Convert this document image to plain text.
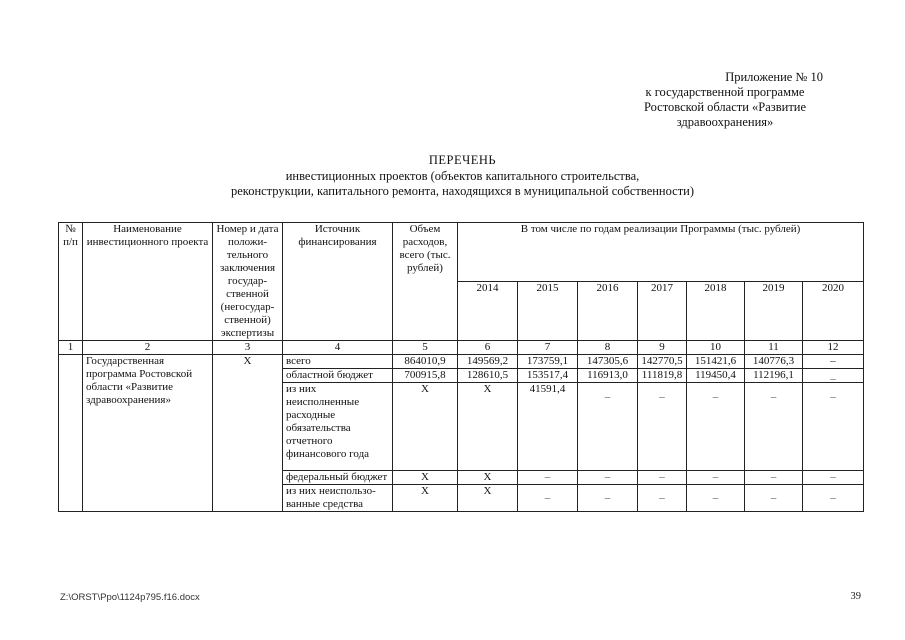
Приложение № 10
к государственной программе
Ростовской области «Развитие
здравоохранения»
ПЕРЕЧЕНЬ
инвестиционных проектов (объектов капитального строительства,
реконструкции, капитального ремонта, находящихся в муниципальной собственности)
№ п/п	Наименование инвестиционного проекта	Номер и дата положи-тельного заключения государ-ственной (негосудар-ственной) экспертизы	Источник финансирования	Объем расходов, всего (тыс. рублей)	В том числе по годам реализации Программы (тыс. рублей)						
					2014	2015	2016	2017	2018	2019	2020
1	2	3	4	5	6	7	8	9	10	11	12
	Государственная программа Ростовской области «Развитие здравоохранения»	Х	всего	864010,9	149569,2	173759,1	147305,6	142770,5	151421,6	140776,3	–
			областной бюджет	700915,8	128610,5	153517,4	116913,0	111819,8	119450,4	112196,1	_
			из них неисполненные расходные обязательства отчетного финансового года	Х	Х	41591,4	_	_	_	_	_
			федеральный бюджет	Х	Х	–	–	–	–	–	–
			из них неиспользо-ванные средства	Х	Х	–	–	–	–	–	–
Z:\ORST\Ppo\1124p795.f16.docx	39
